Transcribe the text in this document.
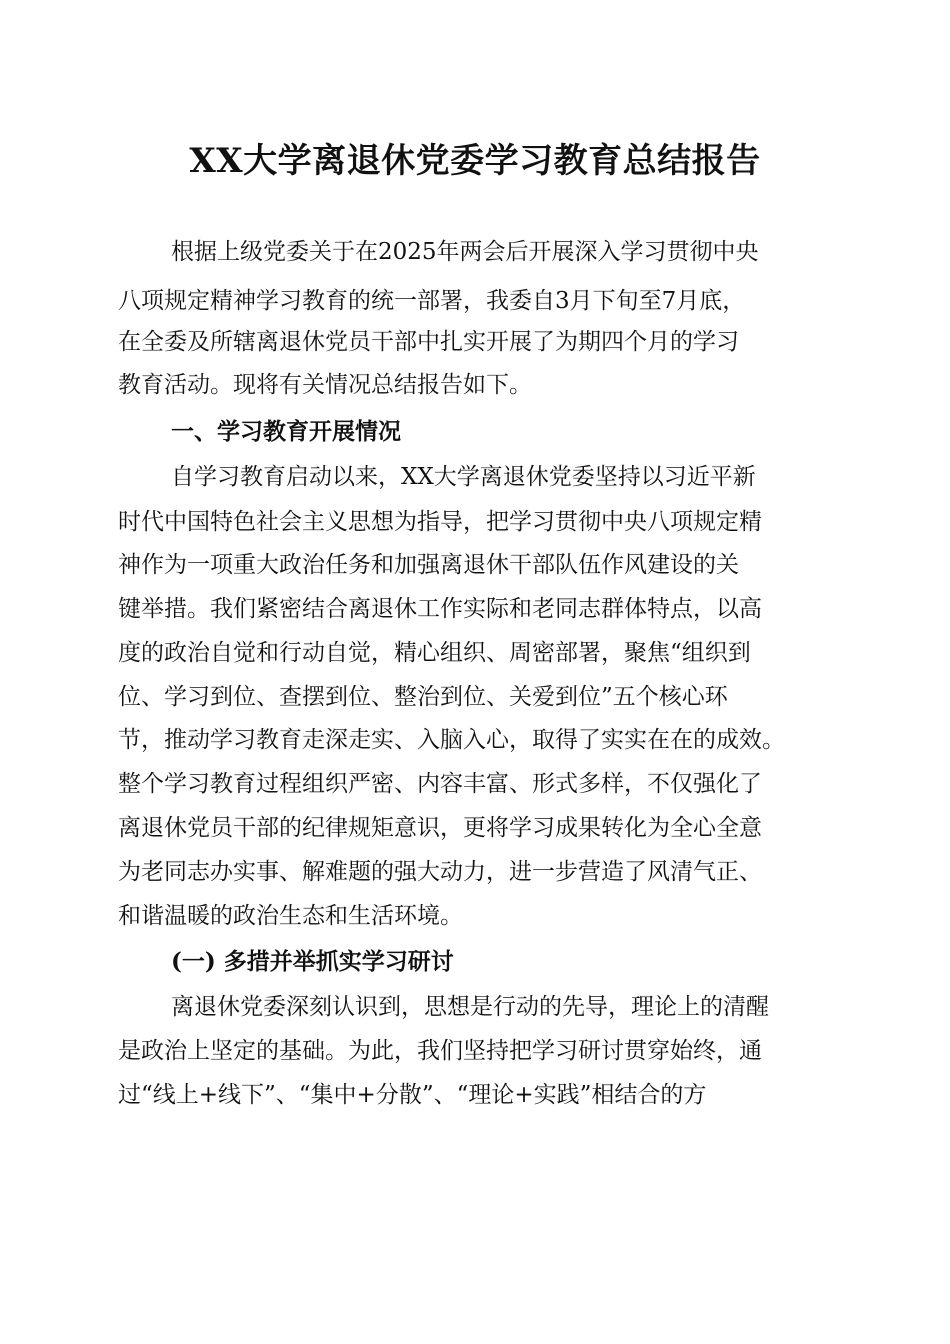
XX大学离退休党委学习教育总结报告
根据上级党委关于在2025年两会后开展深入学习贯彻中央
八项规定精神学习教育的统一部署，我委自3月下旬至7月底，
在全委及所辖离退休党员干部中扎实开展了为期四个月的学习
教育活动。现将有关情况总结报告如下。
一、学习教育开展情况
自学习教育启动以来，XX大学离退休党委坚持以习近平新
时代中国特色社会主义思想为指导，把学习贯彻中央八项规定精
神作为一项重大政治任务和加强离退休干部队伍作风建设的关
键举措。我们紧密结合离退休工作实际和老同志群体特点，以高
度的政治自觉和行动自觉，精心组织、周密部署，聚焦“组织到
位、学习到位、查摆到位、整治到位、关爱到位”五个核心环
节，推动学习教育走深走实、入脑入心，取得了实实在在的成效。
整个学习教育过程组织严密、内容丰富、形式多样，不仅强化了
离退休党员干部的纪律规矩意识，更将学习成果转化为全心全意
为老同志办实事、解难题的强大动力，进一步营造了风清气正、
和谐温暖的政治生态和生活环境。
(一) 多措并举抓实学习研讨
离退休党委深刻认识到，思想是行动的先导，理论上的清醒
是政治上坚定的基础。为此，我们坚持把学习研讨贯穿始终，通
过“线上+线下”、“集中+分散”、“理论+实践”相结合的方
